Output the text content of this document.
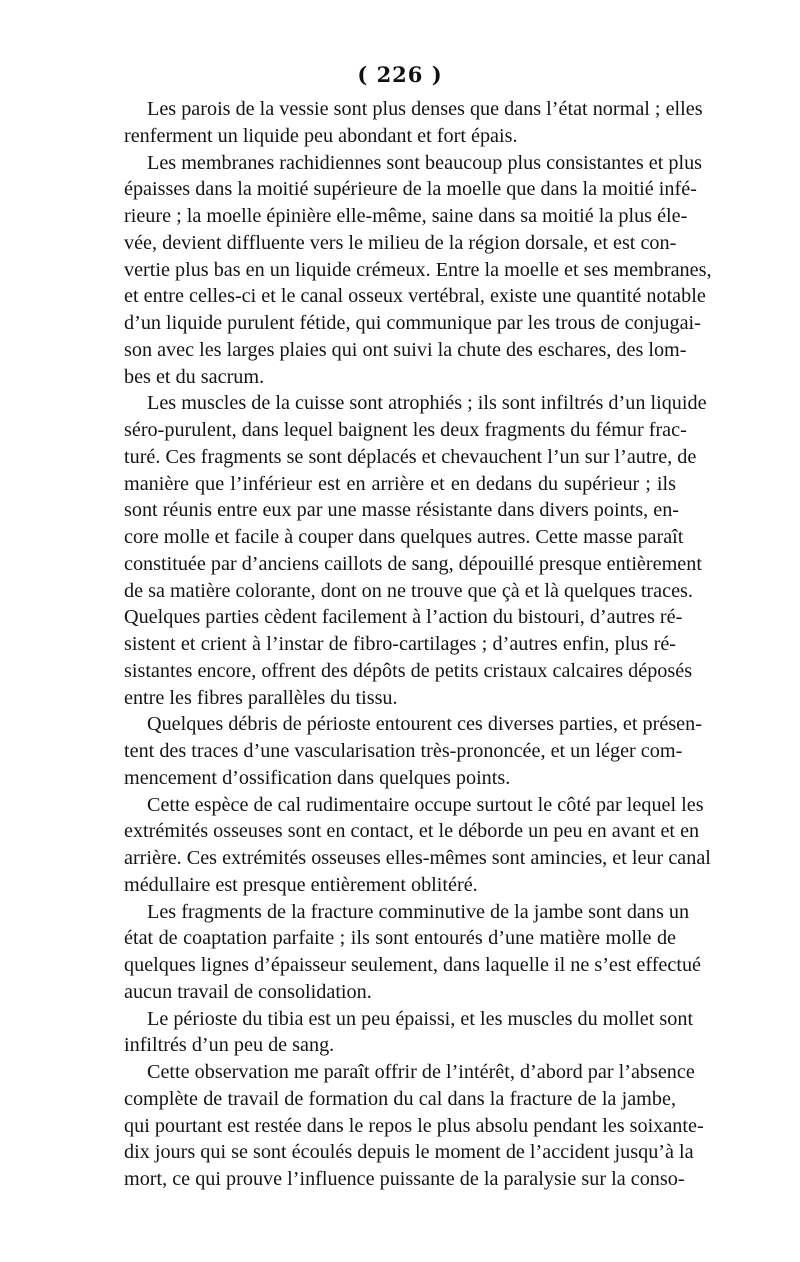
( 226 )
Les parois de la vessie sont plus denses que dans l’état normal ; elles
renferment un liquide peu abondant et fort épais.
Les membranes rachidiennes sont beaucoup plus consistantes et plus
épaisses dans la moitié supérieure de la moelle que dans la moitié infé-
rieure ; la moelle épinière elle-même, saine dans sa moitié la plus éle-
vée, devient diffluente vers le milieu de la région dorsale, et est con-
vertie plus bas en un liquide crémeux. Entre la moelle et ses membranes,
et entre celles-ci et le canal osseux vertébral, existe une quantité notable
d’un liquide purulent fétide, qui communique par les trous de conjugai-
son avec les larges plaies qui ont suivi la chute des eschares, des lom-
bes et du sacrum.
Les muscles de la cuisse sont atrophiés ; ils sont infiltrés d’un liquide
séro-purulent, dans lequel baignent les deux fragments du fémur frac-
turé. Ces fragments se sont déplacés et chevauchent l’un sur l’autre, de
manière que l’inférieur est en arrière et en dedans du supérieur ; ils
sont réunis entre eux par une masse résistante dans divers points, en-
core molle et facile à couper dans quelques autres. Cette masse paraît
constituée par d’anciens caillots de sang, dépouillé presque entièrement
de sa matière colorante, dont on ne trouve que çà et là quelques traces.
Quelques parties cèdent facilement à l’action du bistouri, d’autres ré-
sistent et crient à l’instar de fibro-cartilages ; d’autres enfin, plus ré-
sistantes encore, offrent des dépôts de petits cristaux calcaires déposés
entre les fibres parallèles du tissu.
Quelques débris de périoste entourent ces diverses parties, et présen-
tent des traces d’une vascularisation très-prononcée, et un léger com-
mencement d’ossification dans quelques points.
Cette espèce de cal rudimentaire occupe surtout le côté par lequel les
extrémités osseuses sont en contact, et le déborde un peu en avant et en
arrière. Ces extrémités osseuses elles-mêmes sont amincies, et leur canal
médullaire est presque entièrement oblitéré.
Les fragments de la fracture comminutive de la jambe sont dans un
état de coaptation parfaite ; ils sont entourés d’une matière molle de
quelques lignes d’épaisseur seulement, dans laquelle il ne s’est effectué
aucun travail de consolidation.
Le périoste du tibia est un peu épaissi, et les muscles du mollet sont
infiltrés d’un peu de sang.
Cette observation me paraît offrir de l’intérêt, d’abord par l’absence
complète de travail de formation du cal dans la fracture de la jambe,
qui pourtant est restée dans le repos le plus absolu pendant les soixante-
dix jours qui se sont écoulés depuis le moment de l’accident jusqu’à la
mort, ce qui prouve l’influence puissante de la paralysie sur la conso-
